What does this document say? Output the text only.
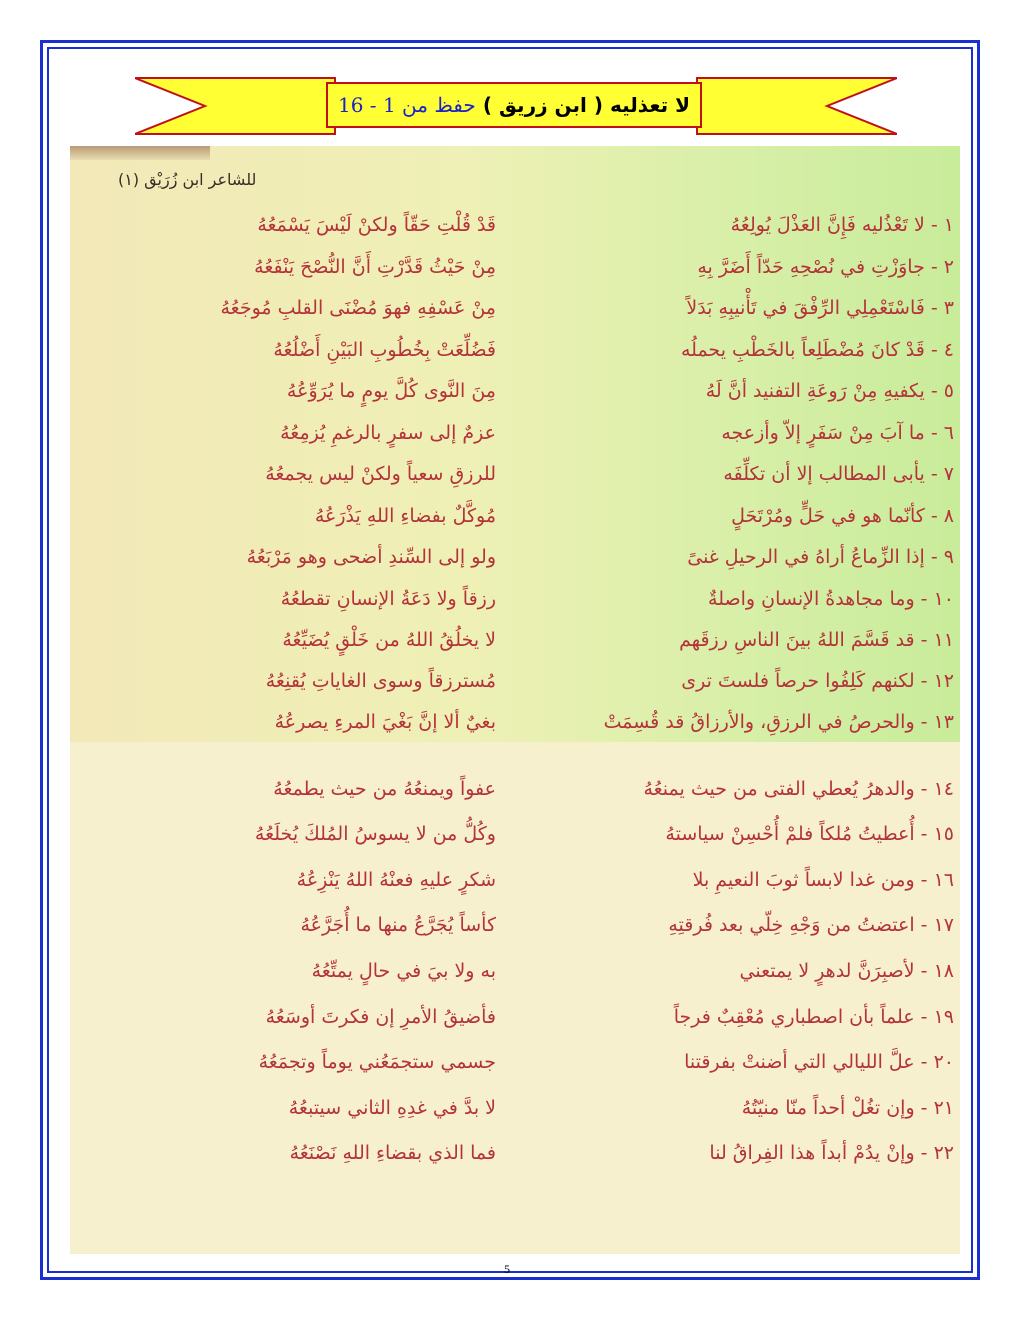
لا تعذليه ( ابن زريق )
حفظ من 1 - 16
للشاعر ابن زُرَيْق (١)
١ - لا تَعْذُليه فَإِنَّ العَذْلَ يُولِعُهُ
قَدْ قُلْتِ حَقّاً ولكنْ لَيْسَ يَسْمَعُهُ
٢ - جاوَزْتِ في نُصْحِهِ حَدّاً أَضَرَّ بِهِ
مِنْ حَيْثُ قَدَّرْتِ أَنَّ النُّصْحَ يَنْفَعُهُ
٣ - فَاسْتَعْمِلِي الرِّفْقَ في تَأْنيبِهِ بَدَلاً
مِنْ عَسْفِهِ فهوَ مُضْنَى القلبِ مُوجَعُهُ
٤ - قَدْ كانَ مُضْطَلِعاً بالخَطْبِ يحملُه
فَضُلِّعَتْ بِخُطُوبِ البَيْنِ أَضْلُعُهُ
٥ - يكفيهِ مِنْ رَوعَةِ التفنيد أنَّ لَهُ
مِنَ النَّوى كُلَّ يومٍ ما يُرَوِّعُهُ
٦ - ما آبَ مِنْ سَفَرٍ إلاّ وأزعجه
عزمٌ إلى سفرٍ بالرغمِ يُزمِعُهُ
٧ - يأبى المطالب إلا أن تكلِّفَه
للرزقِ سعياً ولكنْ ليس يجمعُهُ
٨ - كأنّما هو في حَلٍّ ومُرْتَحَلٍ
مُوكَّلٌ بفضاءِ اللهِ يَذْرَعُهُ
٩ - إذا الزِّماعُ أراهُ في الرحيلِ غنىً
ولو إلى السِّندِ أضحى وهو مَرْبَعُهُ
١٠ - وما مجاهدةُ الإنسانِ واصلةٌ
رزقاً ولا دَعَةُ الإنسانِ تقطعُهُ
١١ - قد قَسَّمَ اللهُ بينَ الناسِ رزقَهم
لا يخلُقُ اللهُ من خَلْقٍ يُضَيِّعُهُ
١٢ - لكنهم كَلِفُوا حرصاً فلستَ ترى
مُسترزقاً وسوى الغاياتِ يُقنِعُهُ
١٣ - والحرصُ في الرزقِ، والأرزاقُ قد قُسِمَتْ
بغيٌ ألا إنَّ بَغْيَ المرءِ يصرعُهُ
١٤ - والدهرُ يُعطي الفتى من حيث يمنعُهُ
عفواً ويمنعُهُ من حيث يطمعُهُ
١٥ - أُعطيتُ مُلكاً فلمْ أُحْسِنْ سياستهُ
وكُلُّ من لا يسوسُ المُلكَ يُخلَعُهُ
١٦ - ومن غدا لابساً ثوبَ النعيمِ بلا
شكرٍ عليهِ فعنْهُ اللهُ يَنْزِعُهُ
١٧ - اعتضتُ من وَجْهِ خِلّي بعد فُرقتِهِ
كأساً يُجَرَّعُ منها ما أُجَرَّعُهُ
١٨ - لأصبِرَنَّ لدهرٍ لا يمتعني
به ولا بيَ في حالٍ يمتِّعُهُ
١٩ - علماً بأن اصطباري مُعْقِبٌ فرجاً
فأضيقُ الأمرِ إن فكرتَ أوسَعُهُ
٢٠ - علَّ الليالي التي أضنتْ بفرقتنا
جسمي ستجمَعُني يوماً وتجمَعُهُ
٢١ - وإن تغُلْ أحداً منّا منيّتُهُ
لا بدَّ في غدِهِ الثاني سيتبعُهُ
٢٢ - وإنْ يدُمْ أبداً هذا الفِراقُ لنا
فما الذي بقضاءِ اللهِ نَصْنَعُهُ
5
